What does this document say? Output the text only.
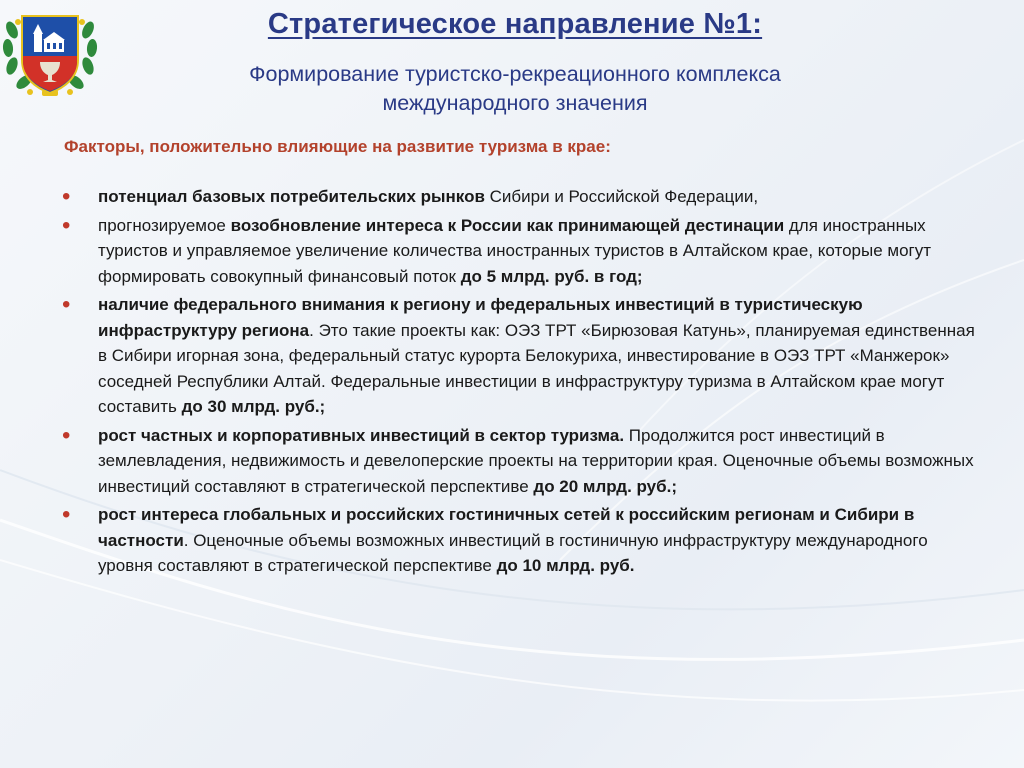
Стратегическое направление №1:
Формирование туристско-рекреационного комплекса
международного значения
Факторы, положительно влияющие на развитие туризма в крае:
• потенциал базовых потребительских рынков Сибири и Российской Федерации,
• прогнозируемое возобновление интереса к России как принимающей дестинации для иностранных туристов и управляемое увеличение количества иностранных туристов в Алтайском крае, которые могут формировать совокупный финансовый поток до 5 млрд. руб. в год;
• наличие федерального внимания к региону и федеральных инвестиций в туристическую инфраструктуру региона. Это такие проекты как: ОЭЗ ТРТ «Бирюзовая Катунь», планируемая единственная в Сибири игорная зона, федеральный статус курорта Белокуриха, инвестирование в ОЭЗ ТРТ «Манжерок» соседней Республики Алтай. Федеральные инвестиции в инфраструктуру туризма в Алтайском крае могут составить до 30 млрд. руб.;
• рост частных и корпоративных инвестиций в сектор туризма. Продолжится рост инвестиций в землевладения, недвижимость и девелоперские проекты на территории края. Оценочные объемы возможных инвестиций составляют в стратегической перспективе до 20 млрд. руб.;
• рост интереса глобальных и российских гостиничных сетей к российским регионам и Сибири в частности. Оценочные объемы возможных инвестиций в гостиничную инфраструктуру международного уровня составляют в стратегической перспективе до 10 млрд. руб.
